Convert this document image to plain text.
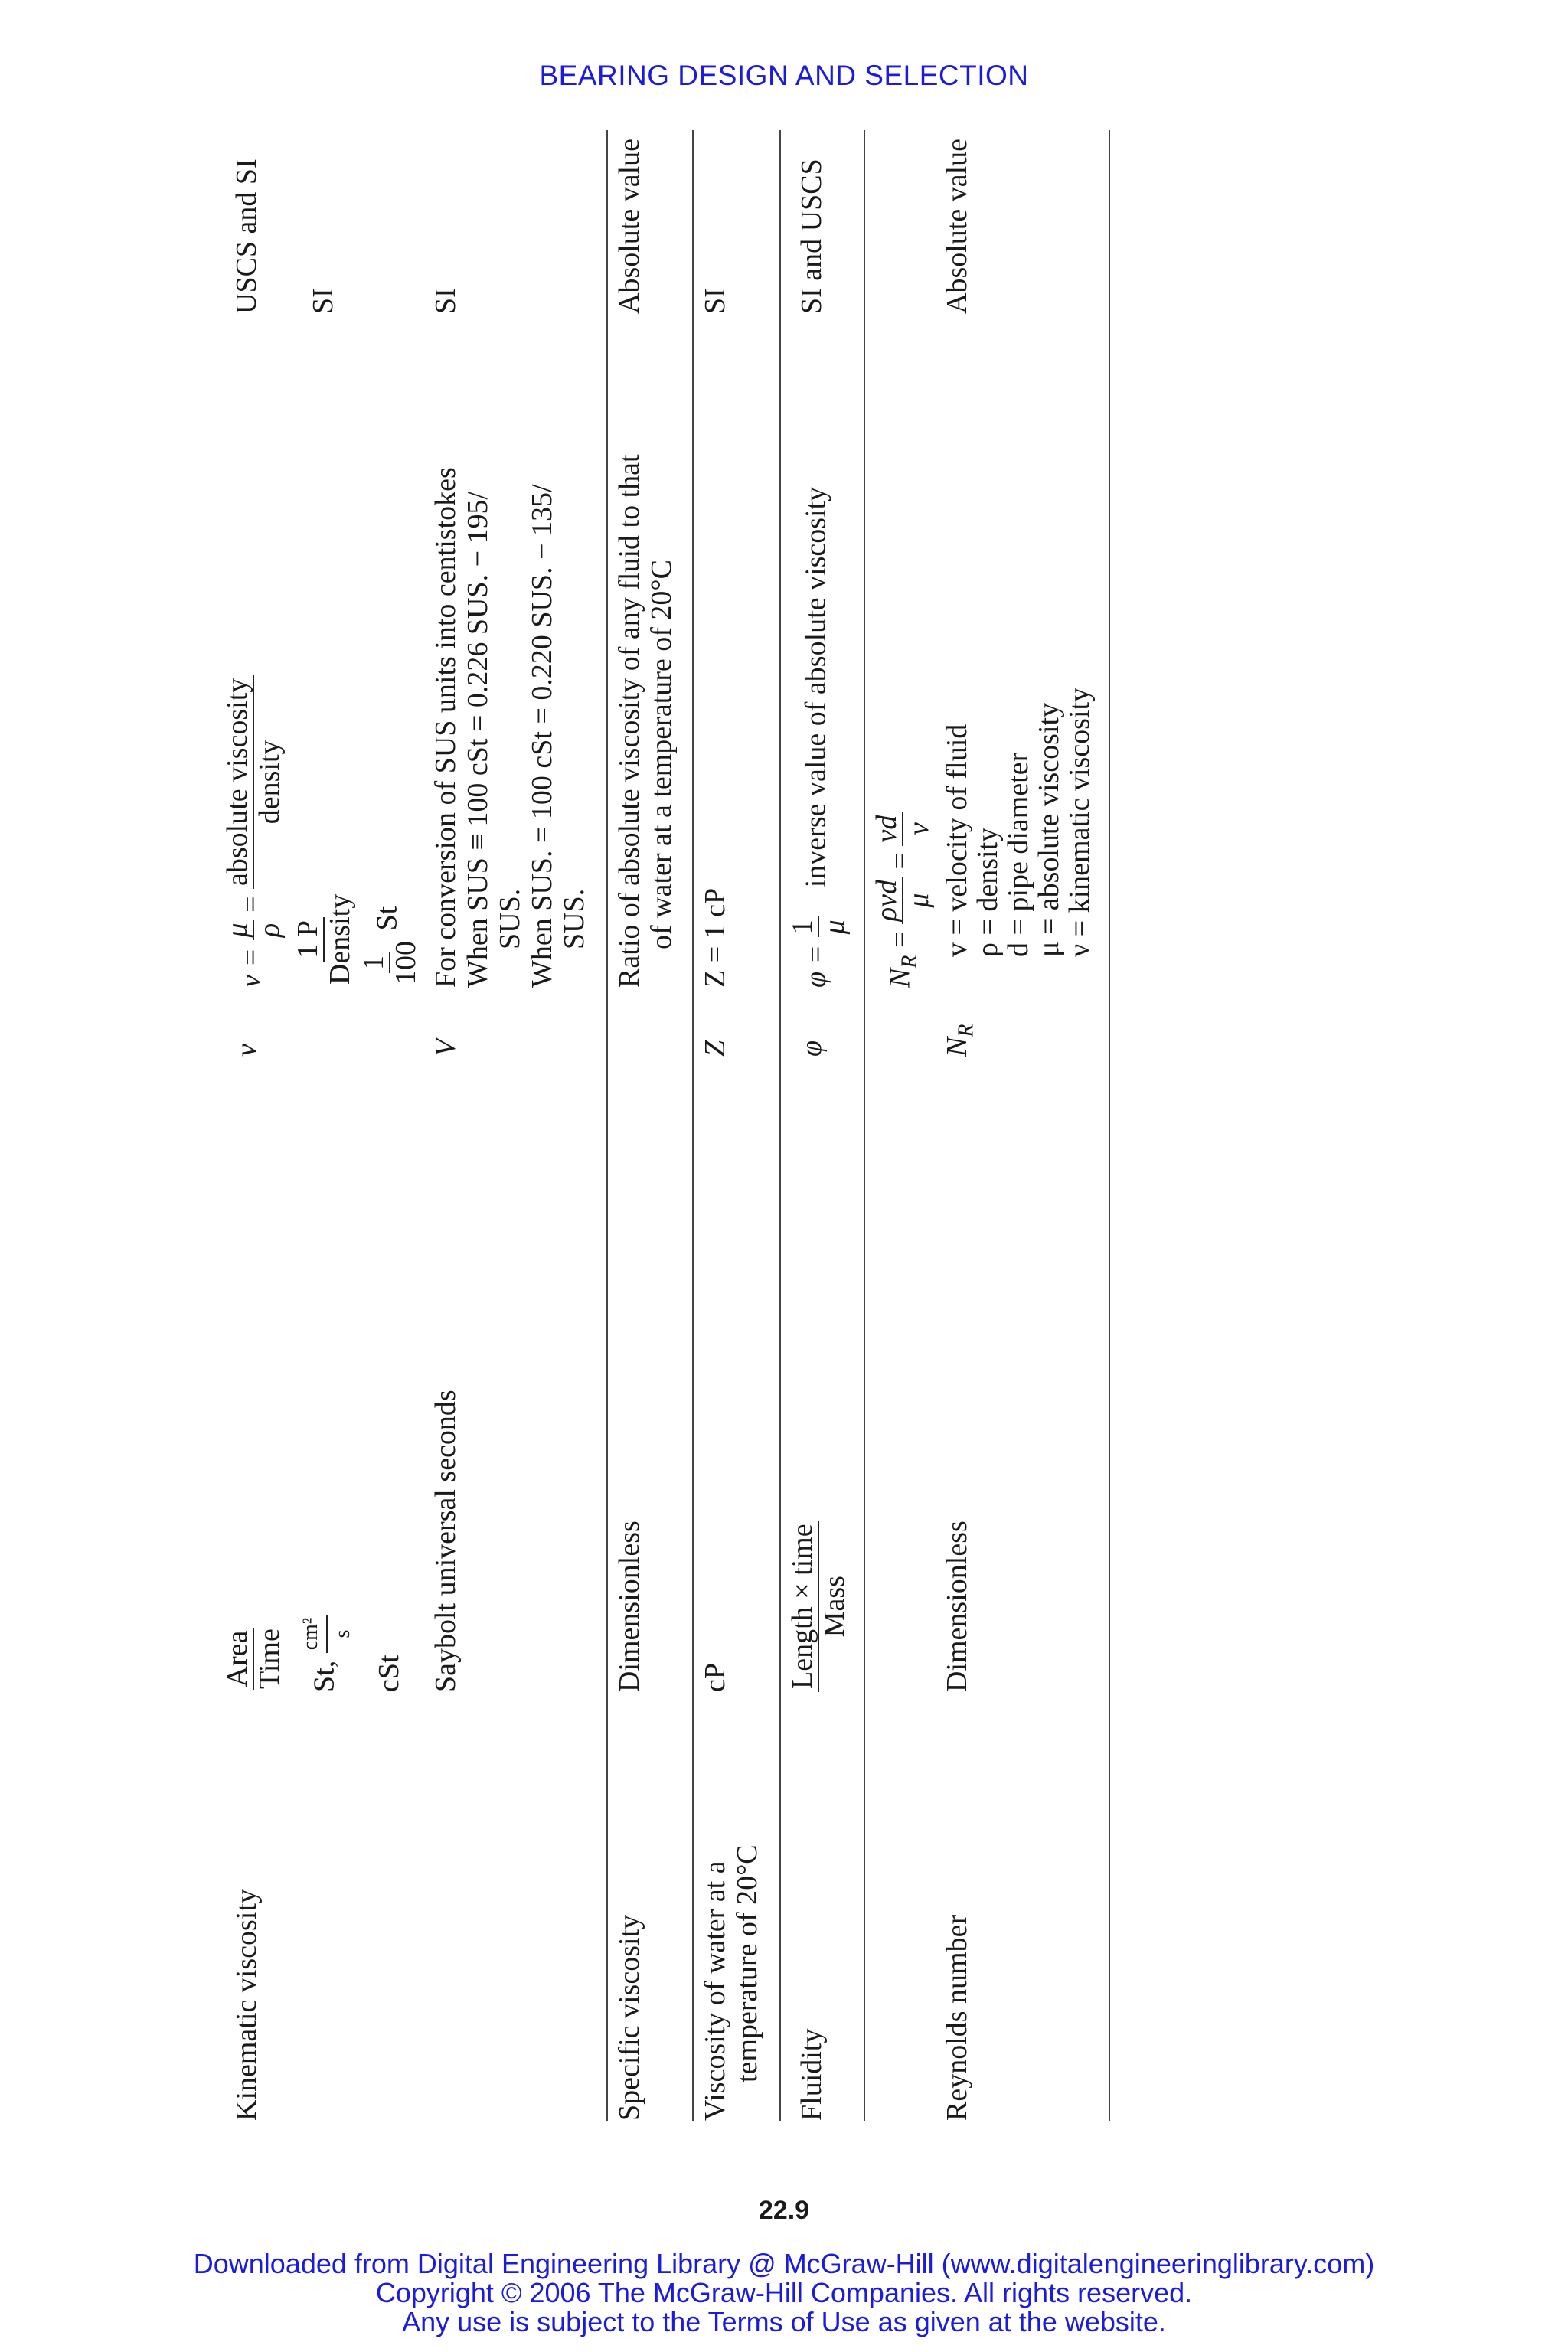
BEARING DESIGN AND SELECTION
Kinematic viscosity
Area Time St,
cm² s
cSt
ν
ν =
μ ρ
=
absolute viscosity density
1 P Density 1 100
St
USCS and SI SI
Saybolt universal seconds
V
For conversion of SUS units into centistokes When SUS ≡ 100 cSt = 0.226 SUS. − 195/ SUS. When SUS. = 100 cSt = 0.220 SUS. − 135/ SUS.
SI
Specific viscosity
Dimensionless
Ratio of absolute viscosity of any fluid to that of water at a temperature of 20°C
Absolute value
Viscosity of water at a temperature of 20°C
cP
Z
Z = 1 cP
SI
Fluidity
Length × time Mass
φ
φ =
1 μ
inverse value of absolute viscosity
SI and USCS
Reynolds number
Dimensionless
$N_R$
$N_R$ =
ρvd μ
=
vd ν v = velocity of fluid
ρ = density
d = pipe diameter
μ = absolute viscosity
ν = kinematic viscosity
Absolute value
22.9
Downloaded from Digital Engineering Library @ McGraw-Hill (www.digitalengineeringlibrary.com)
Copyright © 2006 The McGraw-Hill Companies. All rights reserved.
Any use is subject to the Terms of Use as given at the website.
